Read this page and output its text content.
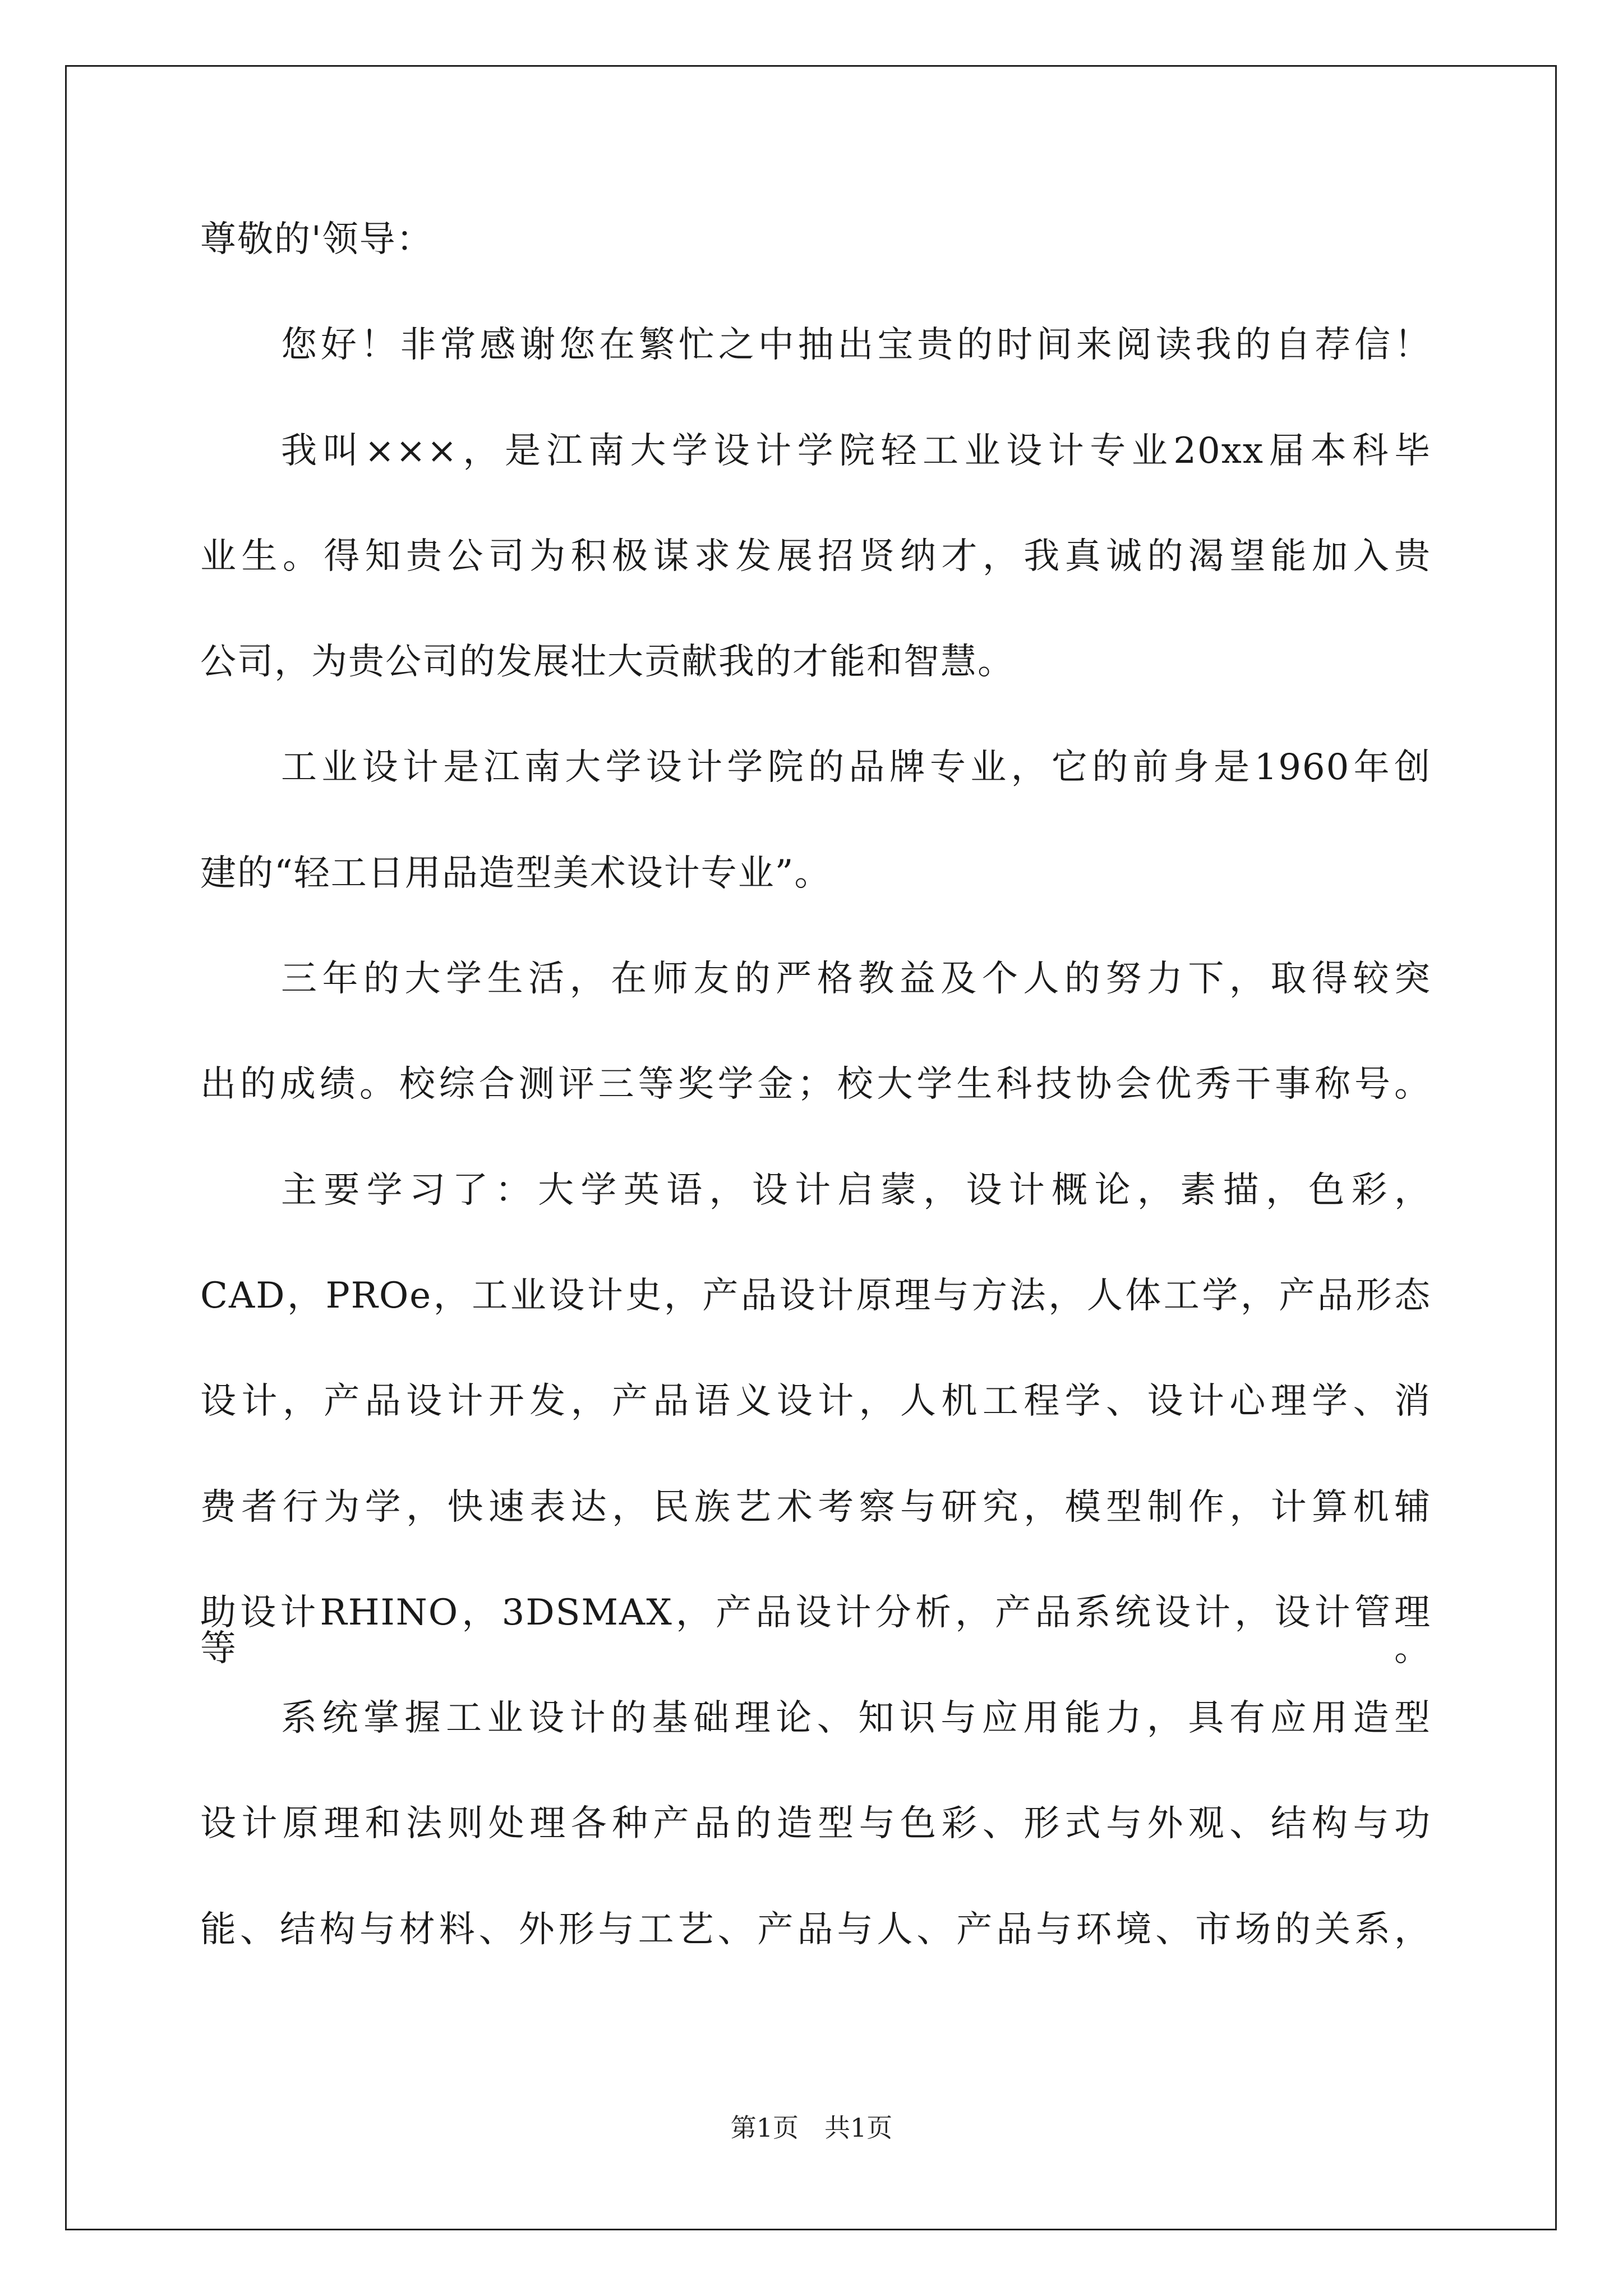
尊敬的'领导：
您好！非常感谢您在繁忙之中抽出宝贵的时间来阅读我的自荐信！
我叫×××，是江南大学设计学院轻工业设计专业20xx届本科毕
业生。得知贵公司为积极谋求发展招贤纳才，我真诚的渴望能加入贵
公司，为贵公司的发展壮大贡献我的才能和智慧。
工业设计是江南大学设计学院的品牌专业，它的前身是1960年创
建的“轻工日用品造型美术设计专业”。
三年的大学生活，在师友的严格教益及个人的努力下，取得较突
出的成绩。校综合测评三等奖学金；校大学生科技协会优秀干事称号。
主要学习了：大学英语，设计启蒙，设计概论，素描，色彩，
CAD，PROe，工业设计史，产品设计原理与方法，人体工学，产品形态
设计，产品设计开发，产品语义设计，人机工程学、设计心理学、消
费者行为学，快速表达，民族艺术考察与研究，模型制作，计算机辅
助设计RHINO，3DSMAX，产品设计分析，产品系统设计，设计管理等。
系统掌握工业设计的基础理论、知识与应用能力，具有应用造型
设计原理和法则处理各种产品的造型与色彩、形式与外观、结构与功
能、结构与材料、外形与工艺、产品与人、产品与环境、市场的关系，
第1页　共1页
